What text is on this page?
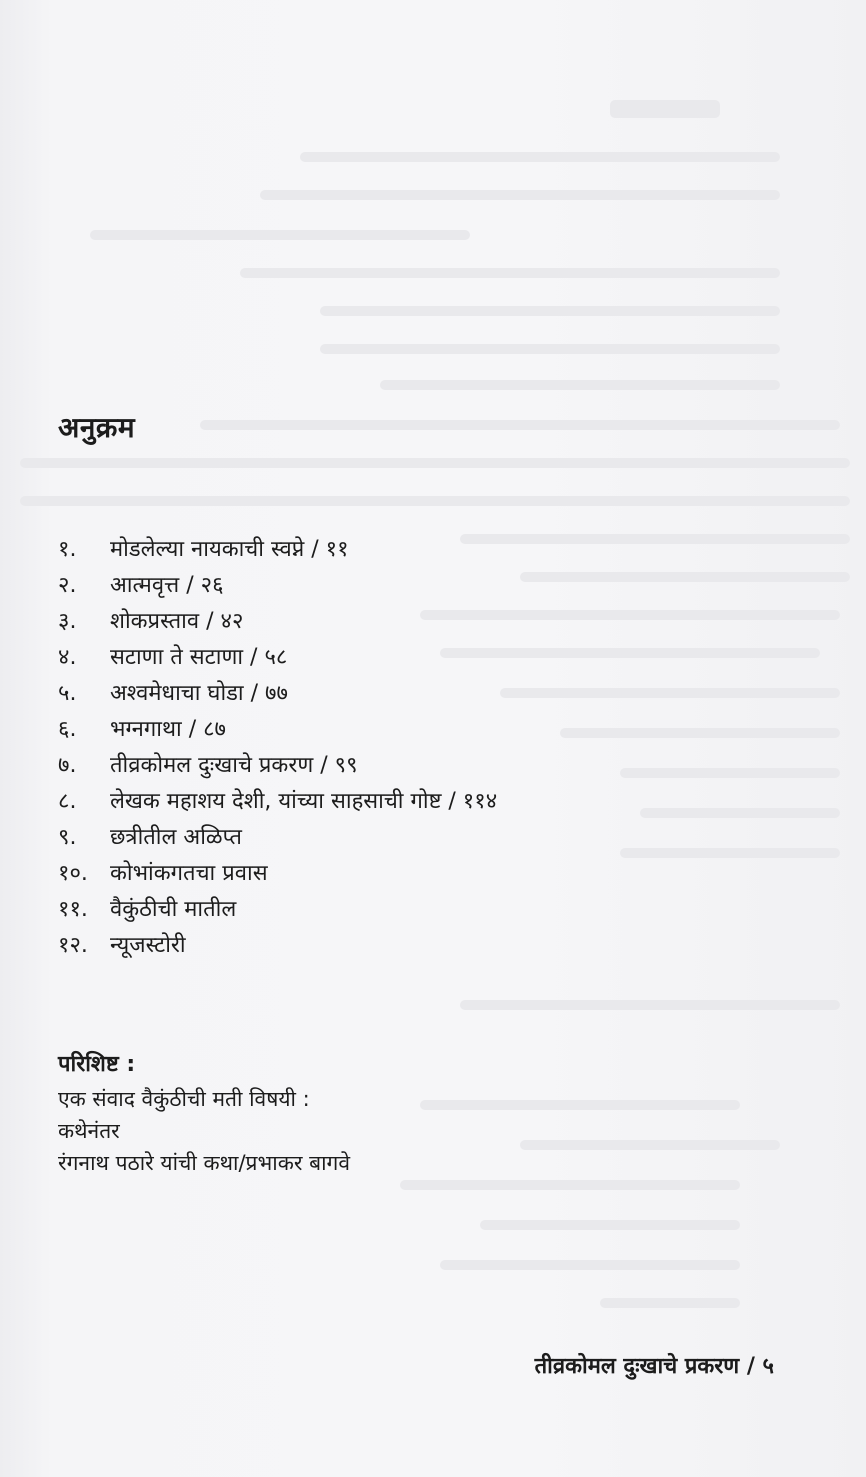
अनुक्रम
१.	मोडलेल्या नायकाची स्वप्ने / ११
२.	आत्मवृत्त / २६
३.	शोकप्रस्ताव / ४२
४.	सटाणा ते सटाणा / ५८
५.	अश्वमेधाचा घोडा / ७७
६.	भग्नगाथा / ८७
७.	तीव्रकोमल दुःखाचे प्रकरण / ९९
८.	लेखक महाशय देशी, यांच्या साहसाची गोष्ट / ११४
९.	छत्रीतील अळिप्त
१०.	कोभांकगतचा प्रवास
११.	वैकुंठीची मातील
१२.	न्यूजस्टोरी
परिशिष्ट :
एक संवाद वैकुंठीची मती विषयी :
कथेनंतर
रंगनाथ पठारे यांची कथा/प्रभाकर बागवे
तीव्रकोमल दुःखाचे प्रकरण / ५
